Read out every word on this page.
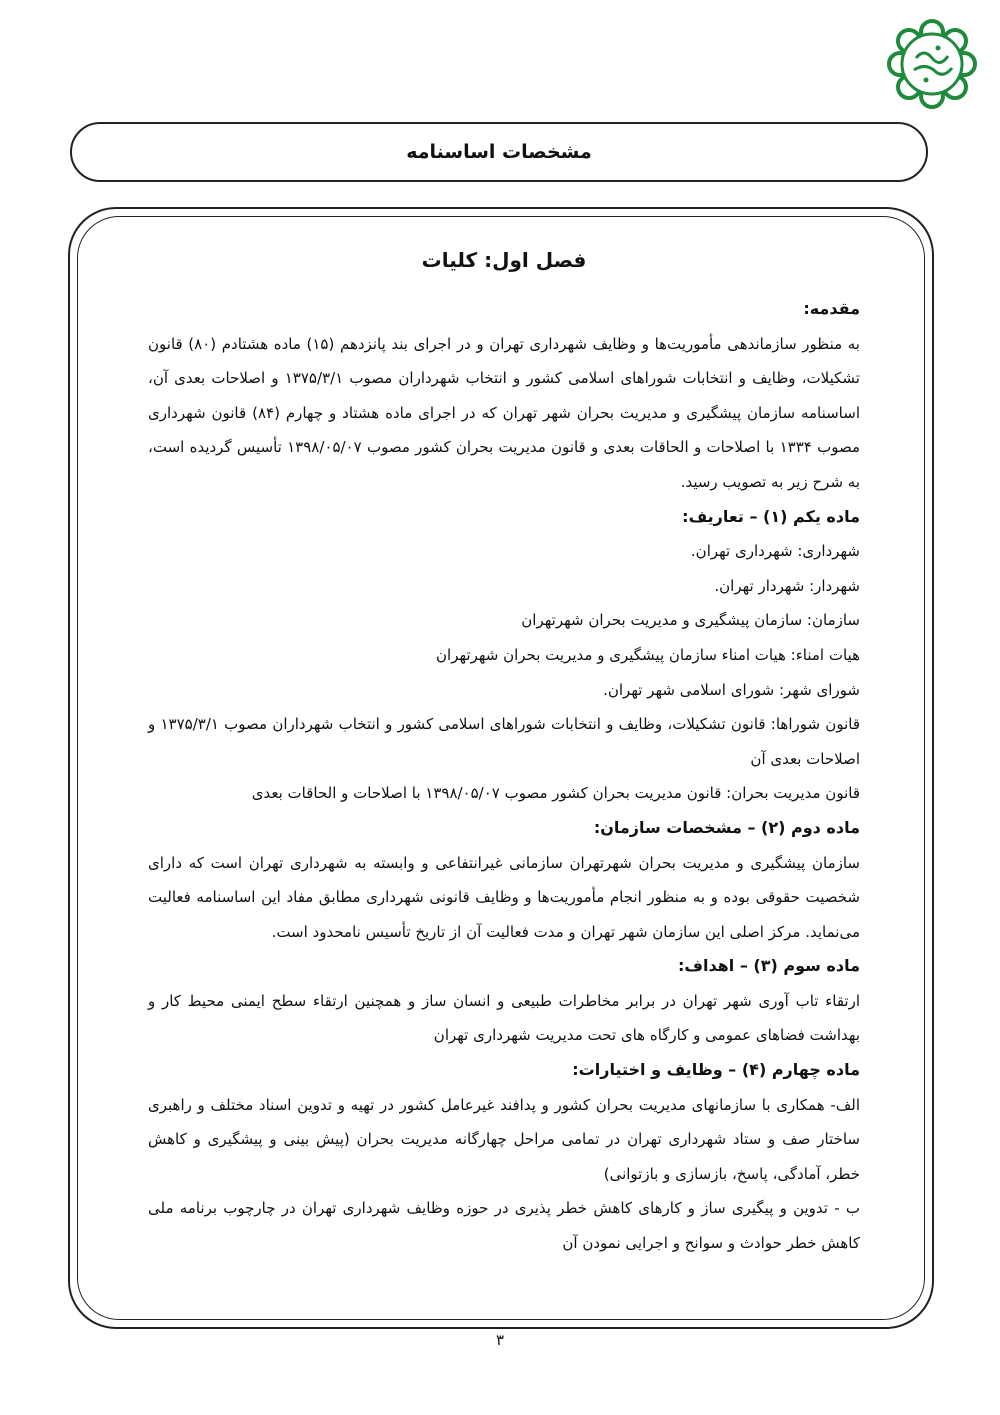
مشخصات اساسنامه
فصل اول: کلیات

مقدمه:

به منظور سازماندهی مأموریت‌ها و وظایف شهرداری تهران و در اجرای بند پانزدهم (۱۵) ماده هشتادم (۸۰) قانون تشکیلات، وظایف و انتخابات شوراهای اسلامی کشور و انتخاب شهرداران مصوب ۱۳۷۵/۳/۱ و اصلاحات بعدی آن، اساسنامه سازمان پیشگیری و مدیریت بحران شهر تهران که در اجرای ماده هشتاد و چهارم (۸۴) قانون شهرداری مصوب ۱۳۳۴ با اصلاحات و الحاقات بعدی و قانون مدیریت بحران کشور مصوب ۱۳۹۸/۰۵/۰۷ تأسیس گردیده است، به شرح زیر به تصویب رسید.

ماده یکم (۱) – تعاریف:

شهرداری: شهرداری تهران.

شهردار: شهردار تهران.

سازمان: سازمان پیشگیری و مدیریت بحران شهرتهران

هیات امناء: هیات امناء سازمان پیشگیری و مدیریت بحران شهرتهران

شورای شهر: شورای اسلامی شهر تهران.

قانون شوراها: قانون تشکیلات، وظایف و انتخابات شوراهای اسلامی کشور و انتخاب شهرداران مصوب ۱۳۷۵/۳/۱ و اصلاحات بعدی آن

قانون مدیریت بحران: قانون مدیریت بحران کشور مصوب ۱۳۹۸/۰۵/۰۷ با اصلاحات و الحاقات بعدی

ماده دوم (۲) – مشخصات سازمان:

سازمان پیشگیری و مدیریت بحران شهرتهران سازمانی غیرانتفاعی و وابسته به شهرداری تهران است که دارای شخصیت حقوقی بوده و به منظور انجام مأموریت‌ها و وظایف قانونی شهرداری مطابق مفاد این اساسنامه فعالیت می‌نماید. مرکز اصلی این سازمان شهر تهران و مدت فعالیت آن از تاریخ تأسیس نامحدود است.

ماده سوم (۳) – اهداف:

ارتقاء تاب آوری شهر تهران در برابر مخاطرات طبیعی و انسان ساز و همچنین ارتقاء سطح ایمنی محیط کار و بهداشت فضاهای عمومی و کارگاه های تحت مدیریت شهرداری تهران

ماده چهارم (۴) – وظایف و اختیارات:

الف- همکاری با سازمانهای مدیریت بحران کشور و پدافند غیرعامل کشور در تهیه و تدوین اسناد مختلف و راهبری ساختار صف و ستاد شهرداری تهران در تمامی مراحل چهارگانه مدیریت بحران (پیش بینی و پیشگیری و کاهش خطر، آمادگی، پاسخ، بازسازی و بازتوانی)

ب - تدوین و پیگیری ساز و کارهای کاهش خطر پذیری در حوزه وظایف شهرداری تهران در چارچوب برنامه ملی کاهش خطر حوادث و سوانح و اجرایی نمودن آن

۳
